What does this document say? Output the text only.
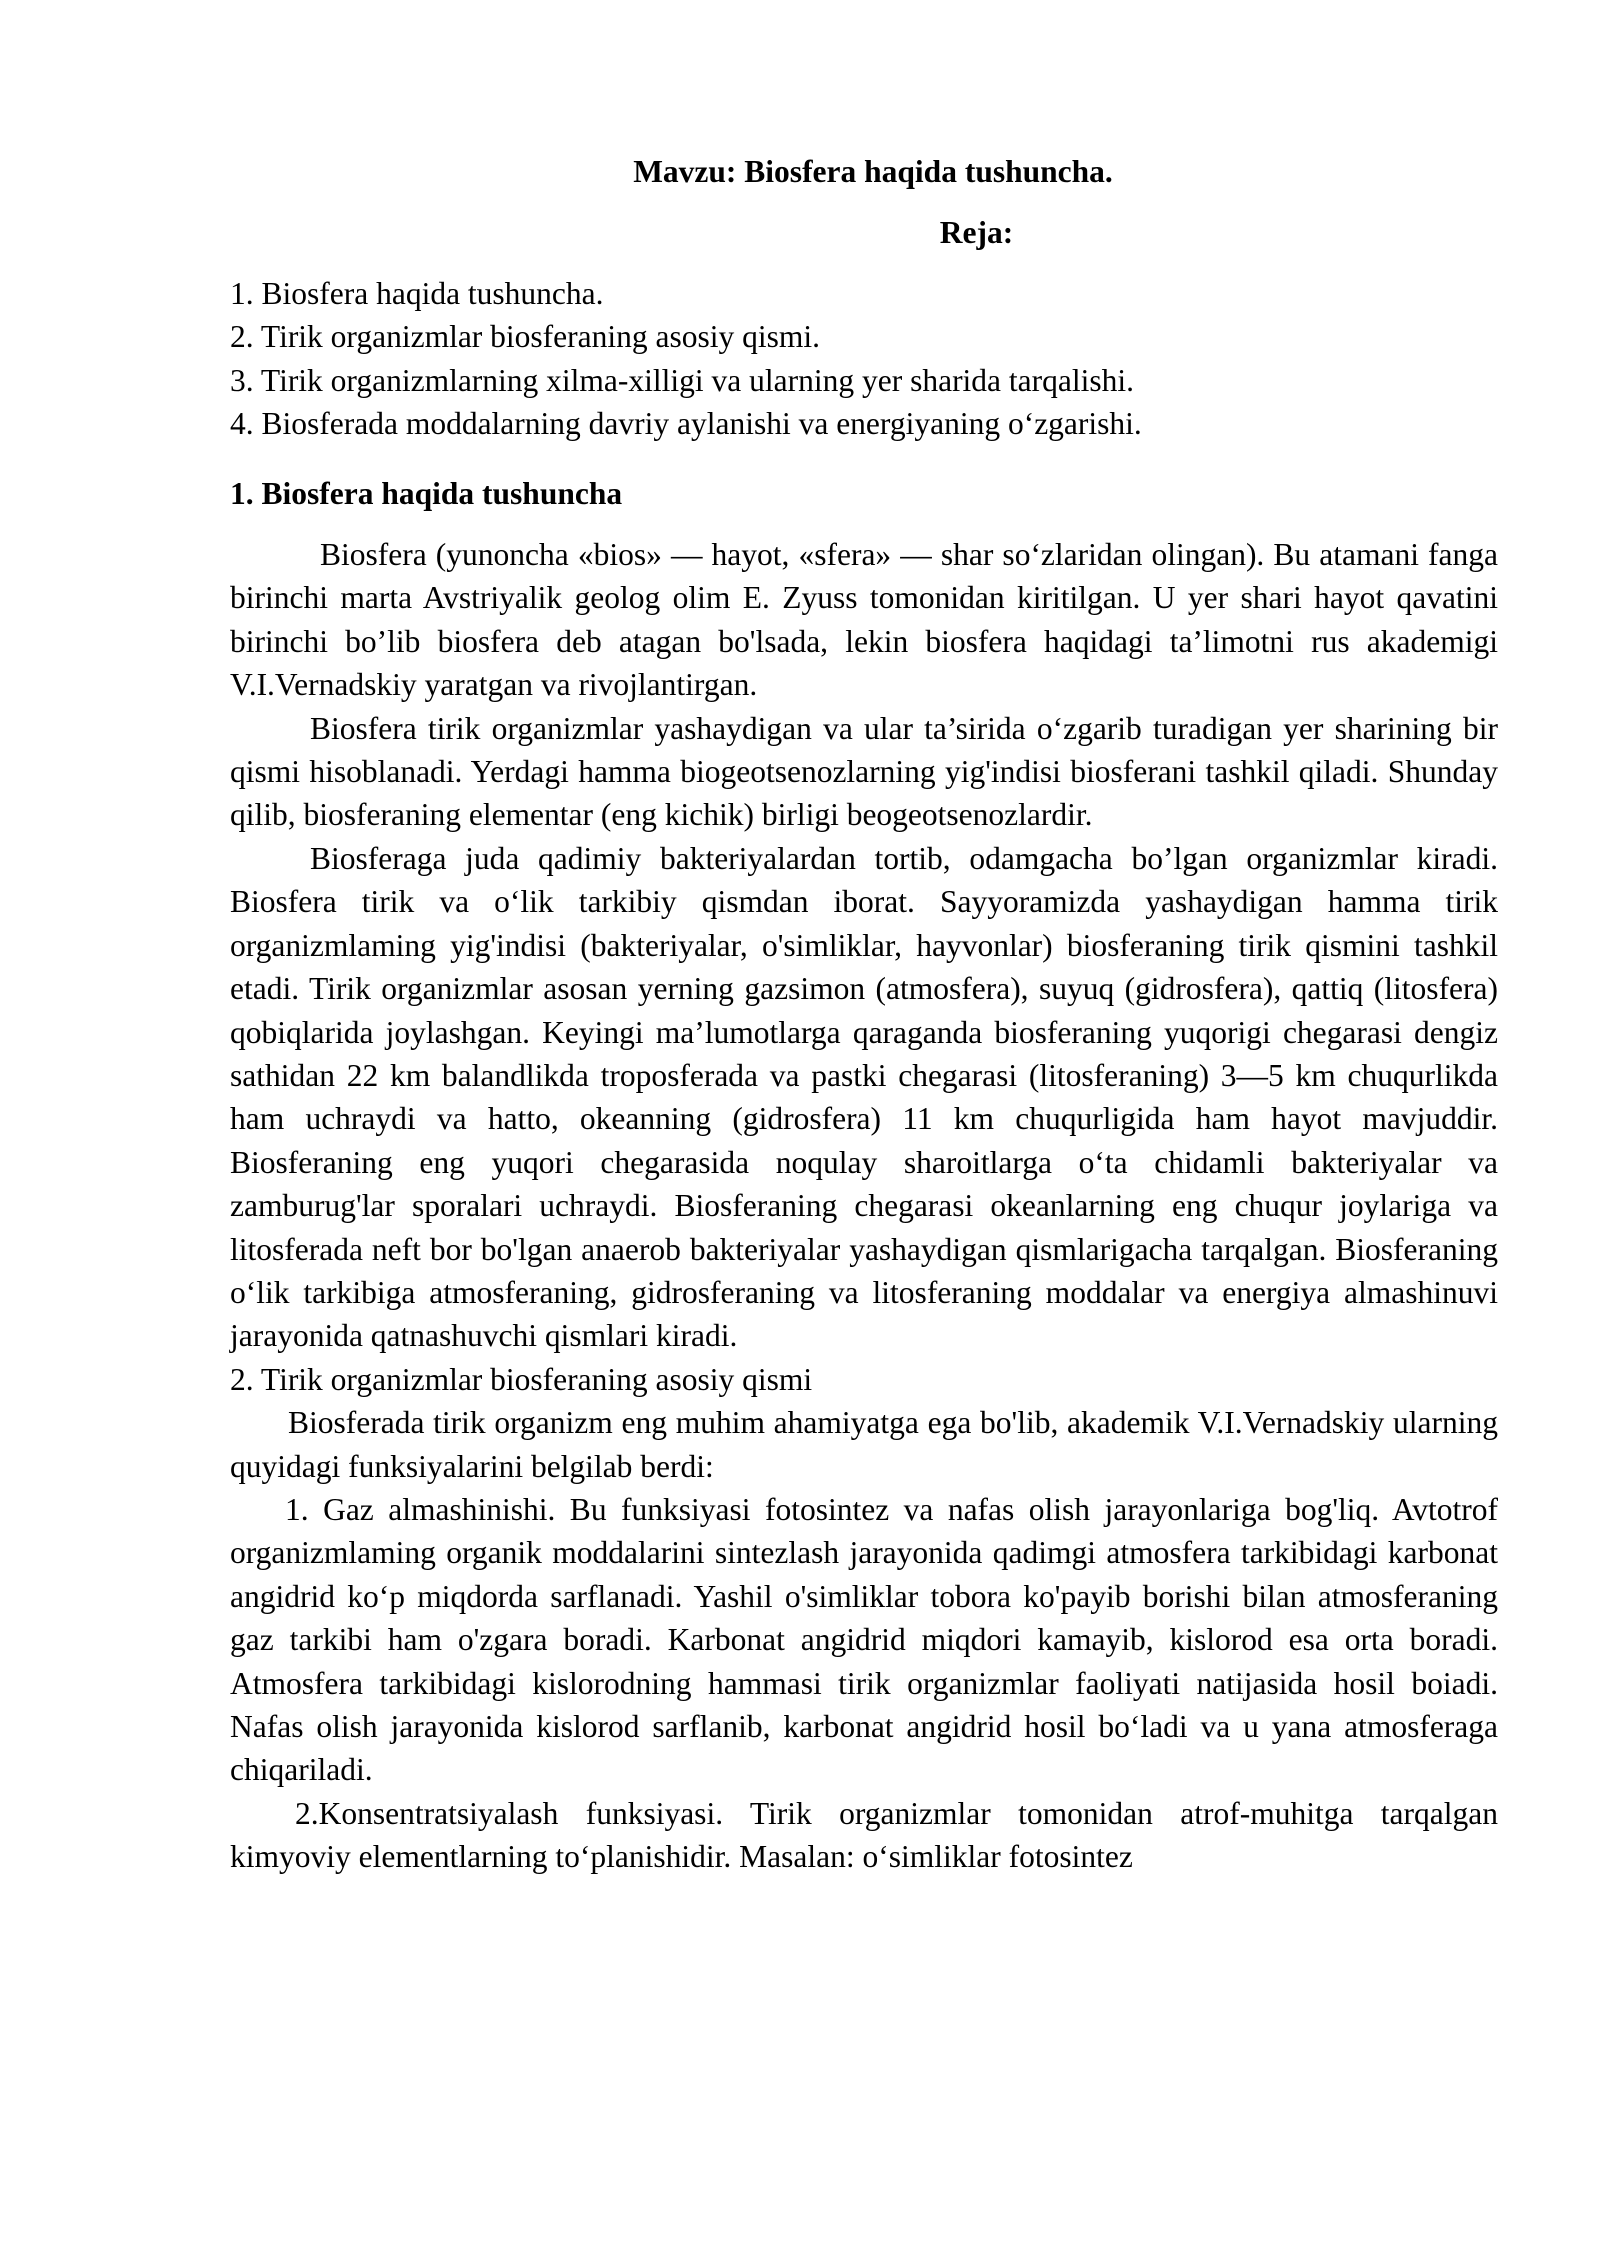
Mavzu: Biosfera haqida tushuncha.
Reja:
1. Biosfera haqida tushuncha.
2. Tirik organizmlar biosferaning asosiy qismi.
3. Tirik organizmlarning xilma-xilligi va ularning yer sharida tarqalishi.
4. Biosferada moddalarning davriy aylanishi va energiyaning o‘zgarishi.
1. Biosfera haqida tushuncha

Biosfera (yunoncha «bios» — hayot, «sfera» — shar so‘zlaridan olingan). Bu atamani fanga birinchi marta Avstriyalik geolog olim E. Zyuss tomonidan kiritilgan. U yer shari hayot qavatini birinchi bo’lib biosfera deb atagan bo'lsada, lekin biosfera haqidagi ta’limotni rus akademigi V.I.Vernadskiy yaratgan va rivojlantirgan.

Biosfera tirik organizmlar yashaydigan va ular ta’sirida o‘zgarib turadigan yer sharining bir qismi hisoblanadi. Yerdagi hamma biogeotsenozlarning yig'indisi biosferani tashkil qiladi. Shunday qilib, biosferaning elementar (eng kichik) birligi beogeotsenozlardir.

Biosferaga juda qadimiy bakteriyalardan tortib, odamgacha bo’lgan organizmlar kiradi. Biosfera tirik va o‘lik tarkibiy qismdan iborat. Sayyoramizda yashaydigan hamma tirik organizmlaming yig'indisi (bakteriyalar, o'simliklar, hayvonlar) biosferaning tirik qismini tashkil etadi. Tirik organizmlar asosan yerning gazsimon (atmosfera), suyuq (gidrosfera), qattiq (litosfera) qobiqlarida joylashgan. Keyingi ma’lumotlarga qaraganda biosferaning yuqorigi chegarasi dengiz sathidan 22 km balandlikda troposferada va pastki chegarasi (litosferaning) 3—5 km chuqurlikda ham uchraydi va hatto, okeanning (gidrosfera) 11 km chuqurligida ham hayot mavjuddir. Biosferaning eng yuqori chegarasida noqulay sharoitlarga o‘ta chidamli bakteriyalar va zamburug'lar sporalari uchraydi. Biosferaning chegarasi okeanlarning eng chuqur joylariga va litosferada neft bor bo'lgan anaerob bakteriyalar yashaydigan qismlarigacha tarqalgan. Biosferaning o‘lik tarkibiga atmosferaning, gidrosferaning va litosferaning moddalar va energiya almashinuvi jarayonida qatnashuvchi qismlari kiradi.

2. Tirik organizmlar biosferaning asosiy qismi

Biosferada tirik organizm eng muhim ahamiyatga ega bo'lib, akademik V.I.Vernadskiy ularning quyidagi funksiyalarini belgilab berdi:

1. Gaz almashinishi. Bu funksiyasi fotosintez va nafas olish jarayonlariga bog'liq. Avtotrof organizmlaming organik moddalarini sintezlash jarayonida qadimgi atmosfera tarkibidagi karbonat angidrid ko‘p miqdorda sarflanadi. Yashil o'simliklar tobora ko'payib borishi bilan atmosferaning gaz tarkibi ham o'zgara boradi. Karbonat angidrid miqdori kamayib, kislorod esa orta boradi. Atmosfera tarkibidagi kislorodning hammasi tirik organizmlar faoliyati natijasida hosil boiadi. Nafas olish jarayonida kislorod sarflanib, karbonat angidrid hosil bo‘ladi va u yana atmosferaga chiqariladi.

2.Konsentratsiyalash funksiyasi. Tirik organizmlar tomonidan atrof-muhitga tarqalgan kimyoviy elementlarning to‘planishidir. Masalan: o‘simliklar fotosintez
